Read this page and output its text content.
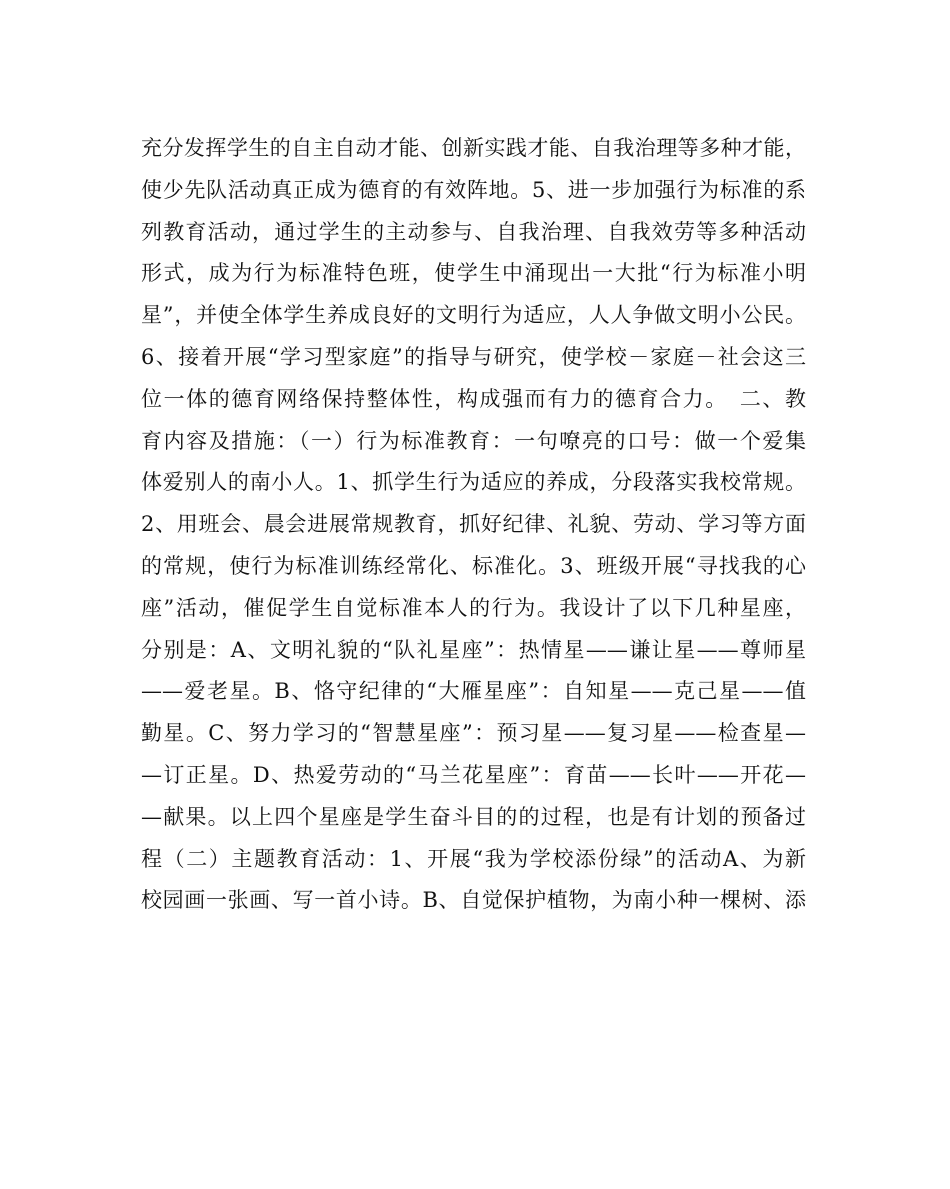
充分发挥学生的自主自动才能、创新实践才能、自我治理等多种才能，
使少先队活动真正成为德育的有效阵地。5、进一步加强行为标准的系
列教育活动，通过学生的主动参与、自我治理、自我效劳等多种活动
形式，成为行为标准特色班，使学生中涌现出一大批“行为标准小明
星”，并使全体学生养成良好的文明行为适应，人人争做文明小公民。
6、接着开展“学习型家庭”的指导与研究，使学校－家庭－社会这三
位一体的德育网络保持整体性，构成强而有力的德育合力。　二、教
育内容及措施：（一）行为标准教育：一句嘹亮的口号：做一个爱集
体爱别人的南小人。1、抓学生行为适应的养成，分段落实我校常规。
2、用班会、晨会进展常规教育，抓好纪律、礼貌、劳动、学习等方面
的常规，使行为标准训练经常化、标准化。3、班级开展“寻找我的心
座”活动，催促学生自觉标准本人的行为。我设计了以下几种星座，
分别是：A、文明礼貌的“队礼星座”：热情星——谦让星——尊师星
——爱老星。B、恪守纪律的“大雁星座”：自知星——克己星——值
勤星。C、努力学习的“智慧星座”：预习星——复习星——检查星—
—订正星。D、热爱劳动的“马兰花星座”：育苗——长叶——开花—
—献果。以上四个星座是学生奋斗目的的过程，也是有计划的预备过
程（二）主题教育活动：1、开展“我为学校添份绿”的活动A、为新
校园画一张画、写一首小诗。B、自觉保护植物，为南小种一棵树、添
